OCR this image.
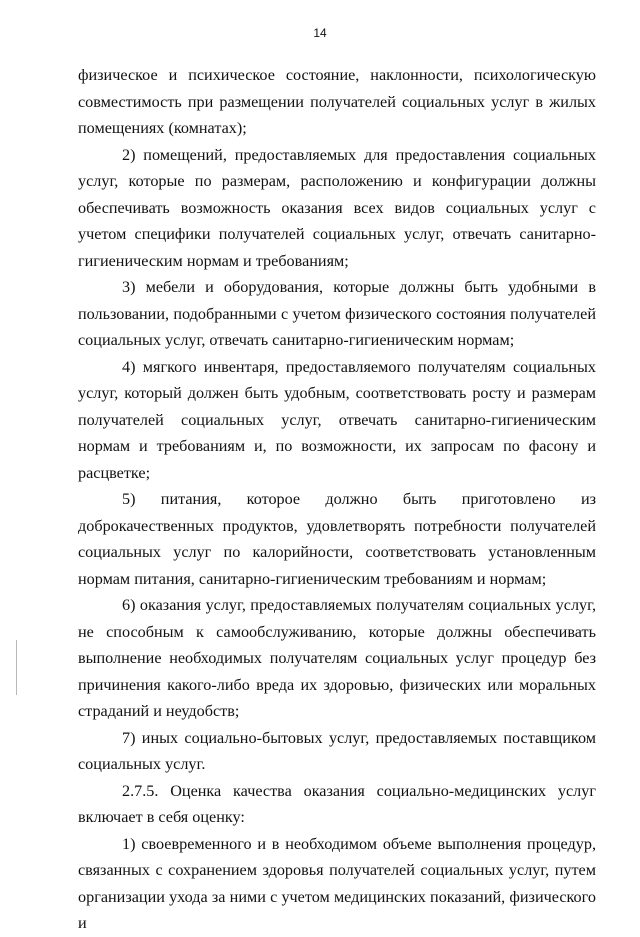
14

физическое и психическое состояние, наклонности, психологическую совместимость при размещении получателей социальных услуг в жилых помещениях (комнатах);

2) помещений, предоставляемых для предоставления социальных услуг, которые по размерам, расположению и конфигурации должны обеспечивать возможность оказания всех видов социальных услуг с учетом специфики получателей социальных услуг, отвечать санитарно-гигиеническим нормам и требованиям;

3) мебели и оборудования, которые должны быть удобными в пользовании, подобранными с учетом физического состояния получателей социальных услуг, отвечать санитарно-гигиеническим нормам;

4) мягкого инвентаря, предоставляемого получателям социальных услуг, который должен быть удобным, соответствовать росту и размерам получателей социальных услуг, отвечать санитарно-гигиеническим нормам и требованиям и, по возможности, их запросам по фасону и расцветке;

5) питания, которое должно быть приготовлено из доброкачественных продуктов, удовлетворять потребности получателей социальных услуг по калорийности, соответствовать установленным нормам питания, санитарно-гигиеническим требованиям и нормам;

6) оказания услуг, предоставляемых получателям социальных услуг, не способным к самообслуживанию, которые должны обеспечивать выполнение необходимых получателям социальных услуг процедур без причинения какого-либо вреда их здоровью, физических или моральных страданий и неудобств;

7) иных социально-бытовых услуг, предоставляемых поставщиком социальных услуг.

2.7.5. Оценка качества оказания социально-медицинских услуг включает в себя оценку:

1) своевременного и в необходимом объеме выполнения процедур, связанных с сохранением здоровья получателей социальных услуг, путем организации ухода за ними с учетом медицинских показаний, физического и
